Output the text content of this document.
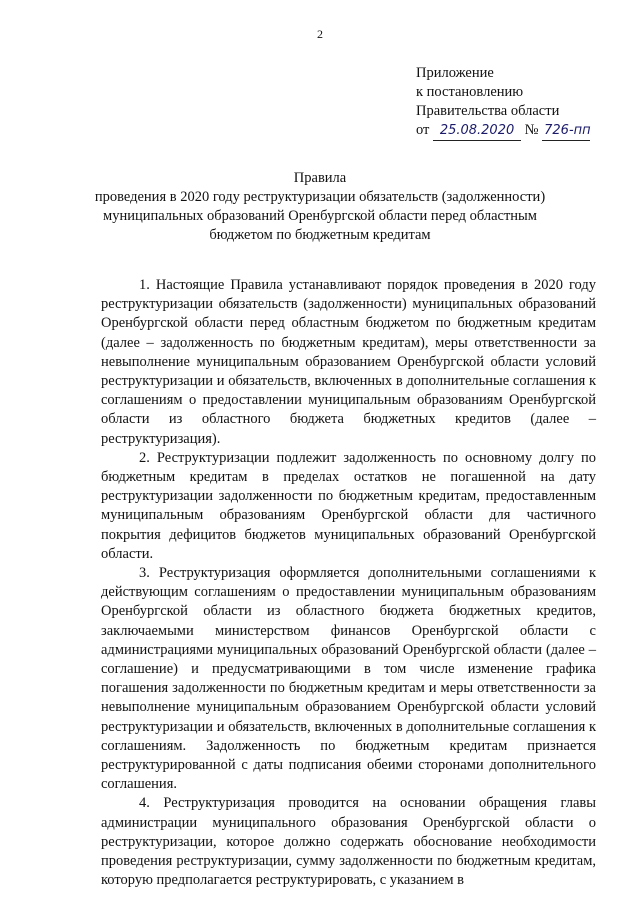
2
Приложение
к постановлению
Правительства области
от 25.08.2020 № 726-пп
Правила
проведения в 2020 году реструктуризации обязательств (задолженности)
муниципальных образований Оренбургской области перед областным
бюджетом по бюджетным кредитам

1. Настоящие Правила устанавливают порядок проведения в 2020 году реструктуризации обязательств (задолженности) муниципальных образований Оренбургской области перед областным бюджетом по бюджетным кредитам (далее – задолженность по бюджетным кредитам), меры ответственности за невыполнение муниципальным образованием Оренбургской области условий реструктуризации и обязательств, включенных в дополнительные соглашения к соглашениям о предоставлении муниципальным образованиям Оренбургской области из областного бюджета бюджетных кредитов (далее – реструктуризация).

2. Реструктуризации подлежит задолженность по основному долгу по бюджетным кредитам в пределах остатков не погашенной на дату реструктуризации задолженности по бюджетным кредитам, предоставленным муниципальным образованиям Оренбургской области для частичного покрытия дефицитов бюджетов муниципальных образований Оренбургской области.

3. Реструктуризация оформляется дополнительными соглашениями к действующим соглашениям о предоставлении муниципальным образованиям Оренбургской области из областного бюджета бюджетных кредитов, заключаемыми министерством финансов Оренбургской области с администрациями муниципальных образований Оренбургской области (далее – соглашение) и предусматривающими в том числе изменение графика погашения задолженности по бюджетным кредитам и меры ответственности за невыполнение муниципальным образованием Оренбургской области условий реструктуризации и обязательств, включенных в дополнительные соглашения к соглашениям. Задолженность по бюджетным кредитам признается реструктурированной с даты подписания обеими сторонами дополнительного соглашения.

4. Реструктуризация проводится на основании обращения главы администрации муниципального образования Оренбургской области о реструктуризации, которое должно содержать обоснование необходимости проведения реструктуризации, сумму задолженности по бюджетным кредитам, которую предполагается реструктурировать, с указанием в
